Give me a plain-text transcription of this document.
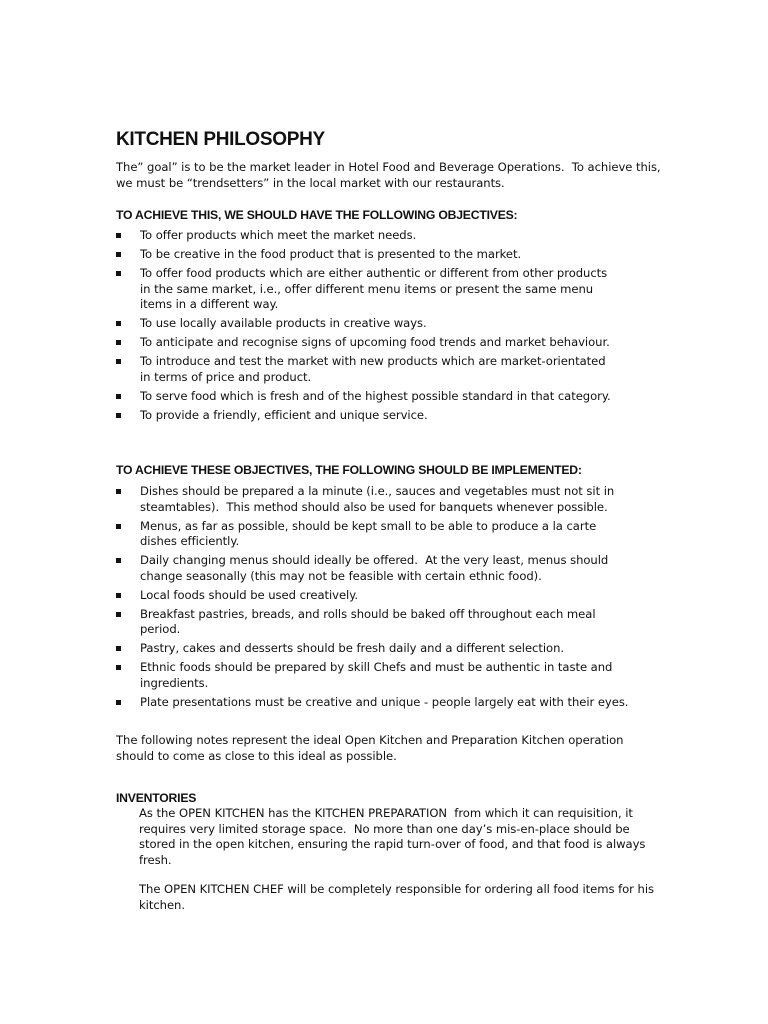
KITCHEN PHILOSOPHY
The” goal” is to be the market leader in Hotel Food and Beverage Operations.  To achieve this,
we must be “trendsetters” in the local market with our restaurants.
TO ACHIEVE THIS, WE SHOULD HAVE THE FOLLOWING OBJECTIVES:
To offer products which meet the market needs.
To be creative in the food product that is presented to the market.
To offer food products which are either authentic or different from other products
in the same market, i.e., offer different menu items or present the same menu
items in a different way.
To use locally available products in creative ways.
To anticipate and recognise signs of upcoming food trends and market behaviour.
To introduce and test the market with new products which are market-orientated
in terms of price and product.
To serve food which is fresh and of the highest possible standard in that category.
To provide a friendly, efficient and unique service.
TO ACHIEVE THESE OBJECTIVES, THE FOLLOWING SHOULD BE IMPLEMENTED:
Dishes should be prepared a la minute (i.e., sauces and vegetables must not sit in
steamtables).  This method should also be used for banquets whenever possible.
Menus, as far as possible, should be kept small to be able to produce a la carte
dishes efficiently.
Daily changing menus should ideally be offered.  At the very least, menus should
change seasonally (this may not be feasible with certain ethnic food).
Local foods should be used creatively.
Breakfast pastries, breads, and rolls should be baked off throughout each meal
period.
Pastry, cakes and desserts should be fresh daily and a different selection.
Ethnic foods should be prepared by skill Chefs and must be authentic in taste and
ingredients.
Plate presentations must be creative and unique - people largely eat with their eyes.
The following notes represent the ideal Open Kitchen and Preparation Kitchen operation
should to come as close to this ideal as possible.
INVENTORIES
As the OPEN KITCHEN has the KITCHEN PREPARATION  from which it can requisition, it
requires very limited storage space.  No more than one day’s mis-en-place should be
stored in the open kitchen, ensuring the rapid turn-over of food, and that food is always
fresh.
The OPEN KITCHEN CHEF will be completely responsible for ordering all food items for his
kitchen.
